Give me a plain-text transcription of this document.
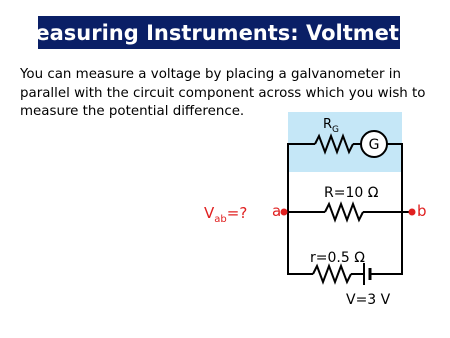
Measuring Instruments: Voltmeter
You can measure a voltage by placing a galvanometer in
parallel with the circuit component across which you wish to
measure the potential difference.
$R_G$
G
R=10 Ω
a	b
$V_{ab}=$?
r=0.5 Ω
V=3 V
